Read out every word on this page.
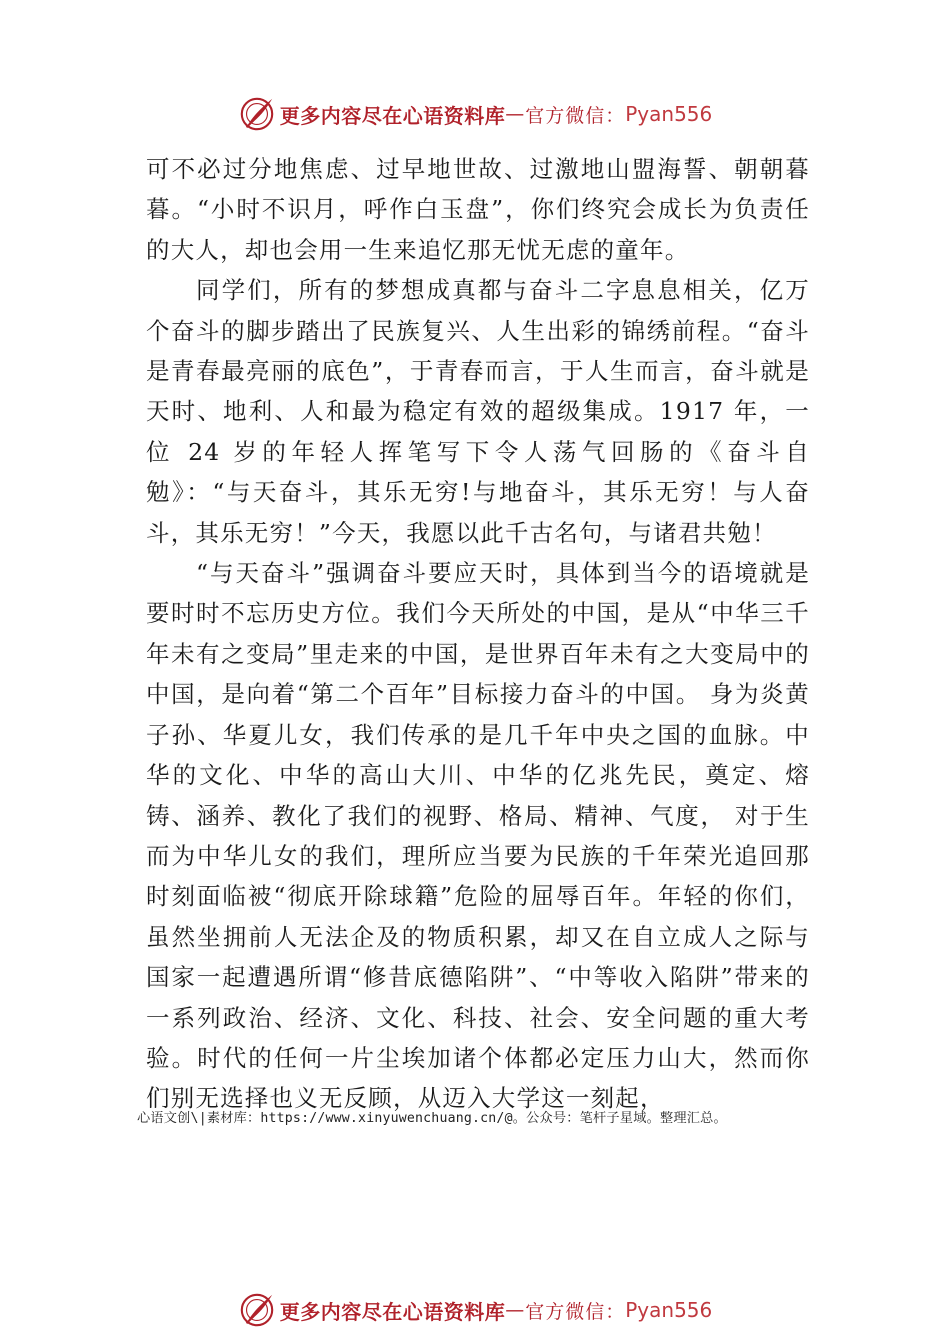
更多内容尽在心语资料库 — 官方微信： Pyan556

可不必过分地焦虑、过早地世故、过激地山盟海誓、朝朝暮暮。“小时不识月，呼作白玉盘”，你们终究会成长为负责任的大人，却也会用一生来追忆那无忧无虑的童年。

同学们，所有的梦想成真都与奋斗二字息息相关，亿万个奋斗的脚步踏出了民族复兴、人生出彩的锦绣前程。“奋斗是青春最亮丽的底色”，于青春而言，于人生而言，奋斗就是天时、地利、人和最为稳定有效的超级集成。1917 年，一位 24 岁的年轻人挥笔写下令人荡气回肠的《奋斗自勉》：“与天奋斗，其乐无穷!与地奋斗，其乐无穷！与人奋斗，其乐无穷！”今天，我愿以此千古名句，与诸君共勉！

“与天奋斗”强调奋斗要应天时，具体到当今的语境就是要时时不忘历史方位。我们今天所处的中国，是从“中华三千年未有之变局”里走来的中国，是世界百年未有之大变局中的中国，是向着“第二个百年”目标接力奋斗的中国。 身为炎黄子孙、华夏儿女，我们传承的是几千年中央之国的血脉。中华的文化、中华的高山大川、中华的亿兆先民，奠定、熔铸、涵养、教化了我们的视野、格局、精神、气度， 对于生而为中华儿女的我们，理所应当要为民族的千年荣光追回那时刻面临被“彻底开除球籍”危险的屈辱百年。年轻的你们，虽然坐拥前人无法企及的物质积累，却又在自立成人之际与国家一起遭遇所谓“修昔底德陷阱”、“中等收入陷阱”带来的一系列政治、经济、文化、科技、社会、安全问题的重大考验。时代的任何一片尘埃加诸个体都必定压力山大，然而你们别无选择也义无反顾，从迈入大学这一刻起，

心语文创\|素材库：https://www.xinyuwenchuang.cn/@。公众号：笔杆子星域。整理汇总。
更多内容尽在心语资料库 — 官方微信： Pyan556
